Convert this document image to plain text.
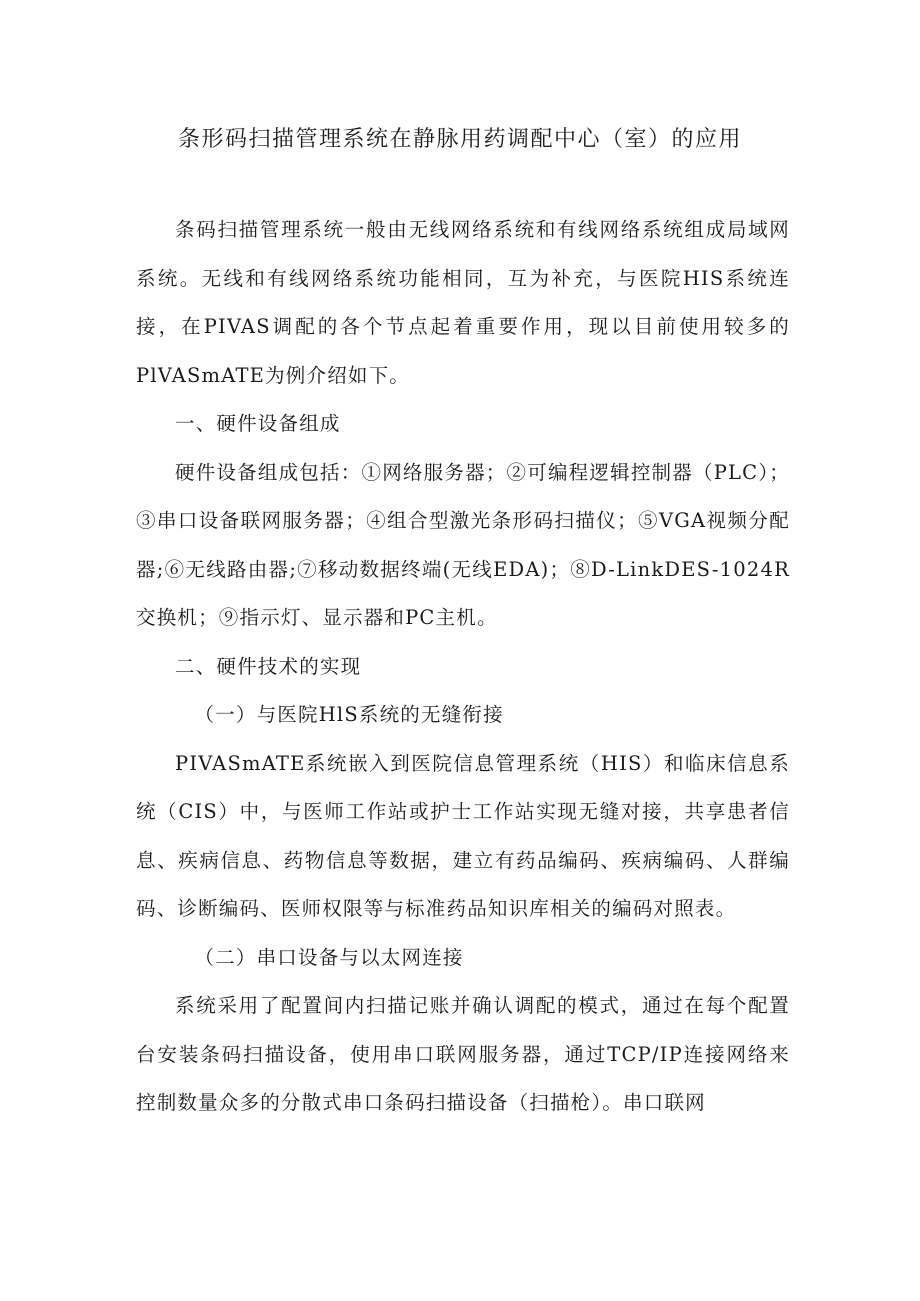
条形码扫描管理系统在静脉用药调配中心（室）的应用

条码扫描管理系统一般由无线网络系统和有线网络系统组成局域网系统。无线和有线网络系统功能相同，互为补充，与医院HIS系统连接，在PIVAS调配的各个节点起着重要作用，现以目前使用较多的PlVASmATE为例介绍如下。

一、硬件设备组成

硬件设备组成包括：①网络服务器；②可编程逻辑控制器（PLC）；③串口设备联网服务器；④组合型激光条形码扫描仪；⑤VGA视频分配器;⑥无线路由器;⑦移动数据终端(无线EDA)；⑧D-LinkDES-1024R交换机；⑨指示灯、显示器和PC主机。

二、硬件技术的实现

（一）与医院HlS系统的无缝衔接

PIVASmATE系统嵌入到医院信息管理系统（HIS）和临床信息系统（CIS）中，与医师工作站或护士工作站实现无缝对接，共享患者信息、疾病信息、药物信息等数据，建立有药品编码、疾病编码、人群编码、诊断编码、医师权限等与标准药品知识库相关的编码对照表。

（二）串口设备与以太网连接

系统采用了配置间内扫描记账并确认调配的模式，通过在每个配置台安装条码扫描设备，使用串口联网服务器，通过TCP/IP连接网络来控制数量众多的分散式串口条码扫描设备（扫描枪）。串口联网
